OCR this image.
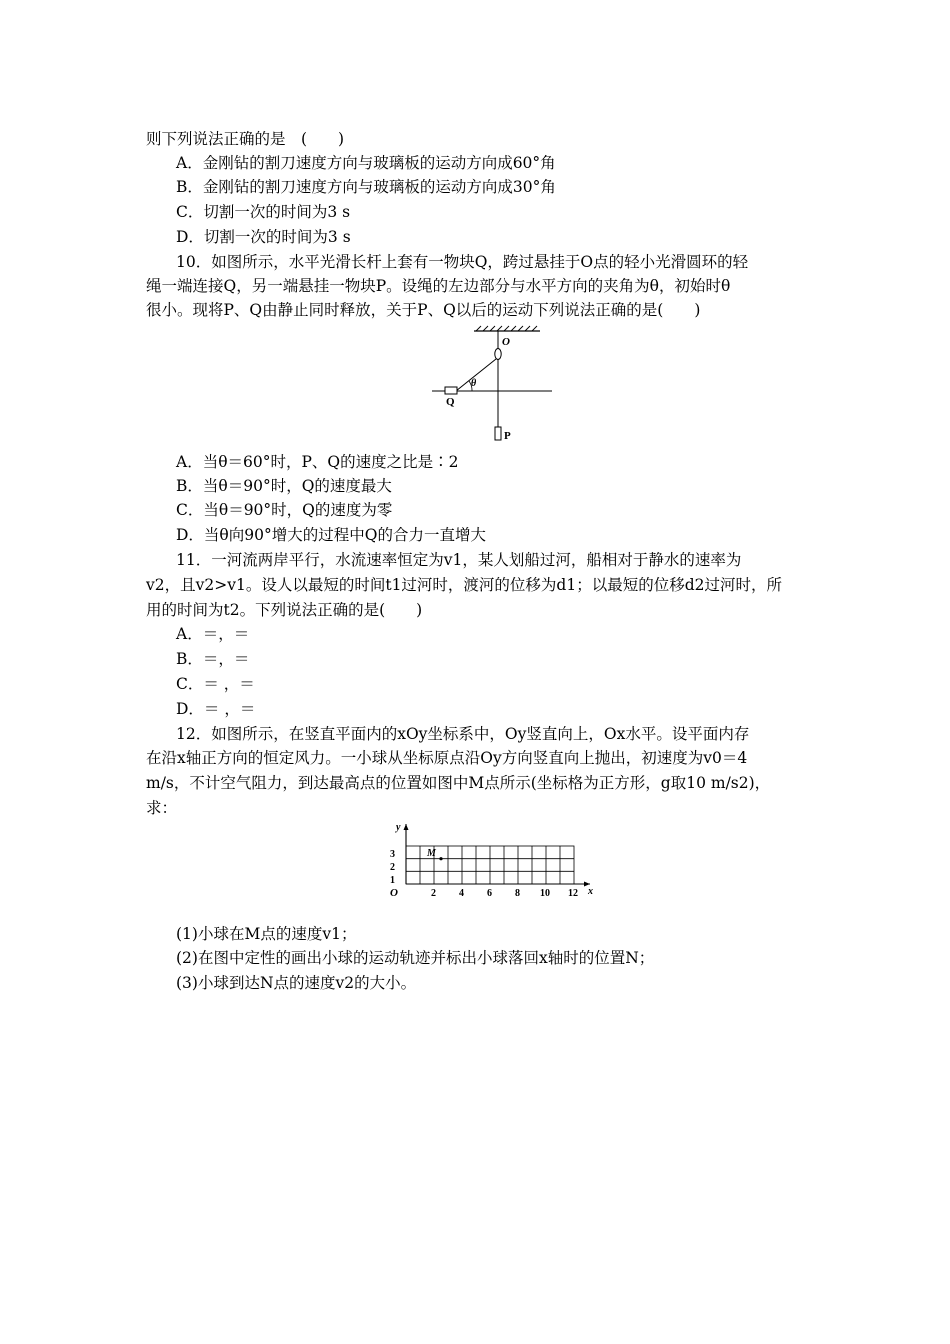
则下列说法正确的是　(　　)
A．金刚钻的割刀速度方向与玻璃板的运动方向成60°角
B．金刚钻的割刀速度方向与玻璃板的运动方向成30°角
C．切割一次的时间为3 s
D．切割一次的时间为3 s
10．如图所示，水平光滑长杆上套有一物块Q，跨过悬挂于O点的轻小光滑圆环的轻
绳一端连接Q，另一端悬挂一物块P。设绳的左边部分与水平方向的夹角为θ，初始时θ
很小。现将P、Q由静止同时释放，关于P、Q以后的运动下列说法正确的是(　　)
O
Q
θ
P
A．当θ＝60°时，P、Q的速度之比是∶2
B．当θ＝90°时，Q的速度最大
C．当θ＝90°时，Q的速度为零
D．当θ向90°增大的过程中Q的合力一直增大
11．一河流两岸平行，水流速率恒定为v1，某人划船过河，船相对于静水的速率为
v2，且v2>v1。设人以最短的时间t1过河时，渡河的位移为d1；以最短的位移d2过河时，所
用的时间为t2。下列说法正确的是(　　)
A．＝，＝
B．＝，＝
C．＝ ，＝
D．＝ ，＝
12．如图所示，在竖直平面内的xOy坐标系中，Oy竖直向上，Ox水平。设平面内存
在沿x轴正方向的恒定风力。一小球从坐标原点沿Oy方向竖直向上抛出，初速度为v0＝4
m/s，不计空气阻力，到达最高点的位置如图中M点所示(坐标格为正方形，g取10 m/s2)，
求：
y
x
O
1
2
3
2 4 6 8 10 12
M
(1)小球在M点的速度v1；
(2)在图中定性的画出小球的运动轨迹并标出小球落回x轴时的位置N；
(3)小球到达N点的速度v2的大小。
